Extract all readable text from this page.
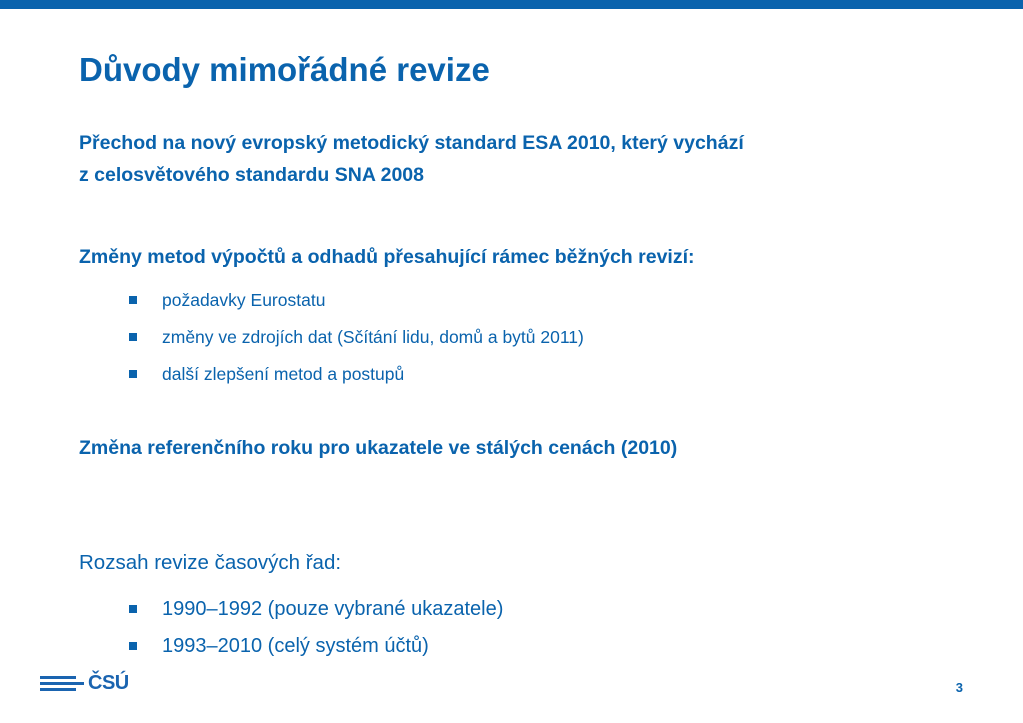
Důvody mimořádné revize

Přechod na nový evropský metodický standard ESA 2010, který vychází
z celosvětového standardu SNA 2008

Změny metod výpočtů a odhadů přesahující rámec běžných revizí:

požadavky Eurostatu
změny ve zdrojích dat (Sčítání lidu, domů a bytů 2011)
další zlepšení metod a postupů

Změna referenčního roku pro ukazatele ve stálých cenách (2010)

Rozsah revize časových řad:

1990–1992 (pouze vybrané ukazatele)
1993–2010 (celý systém účtů)
ČSÚ	3
